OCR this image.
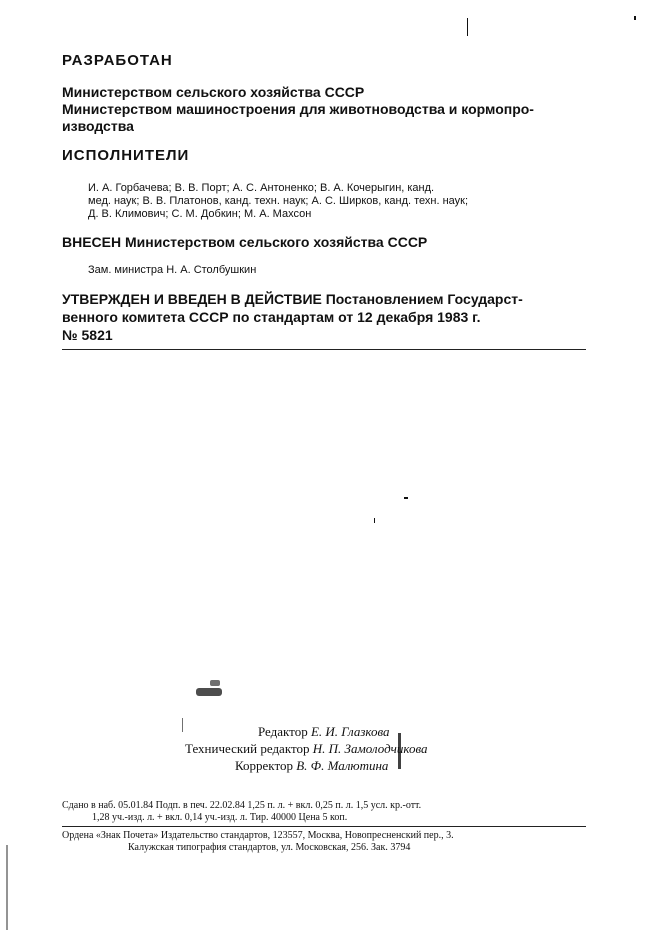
РАЗРАБОТАН
Министерством сельского хозяйства СССР
Министерством машиностроения для животноводства и кормопро-
изводства
ИСПОЛНИТЕЛИ
И. А. Горбачева; В. В. Порт; А. С. Антоненко; В. А. Кочерыгин, канд.
мед. наук; В. В. Платонов, канд. техн. наук; А. С. Ширков, канд. техн. наук;
Д. В. Климович; С. М. Добкин; М. А. Махсон
ВНЕСЕН Министерством сельского хозяйства СССР
Зам. министра Н. А. Столбушкин
УТВЕРЖДЕН И ВВЕДЕН В ДЕЙСТВИЕ Постановлением Государст-
венного комитета СССР по стандартам от 12 декабря 1983 г.
№ 5821
Редактор Е. И. Глазкова
Технический редактор Н. П. Замолодчикова
Корректор В. Ф. Малютина
Сдано в наб. 05.01.84 Подп. в печ. 22.02.84 1,25 п. л. + вкл. 0,25 п. л. 1,5 усл. кр.-отт.
1,28 уч.-изд. л. + вкл. 0,14 уч.-изд. л. Тир. 40000 Цена 5 коп.
Ордена «Знак Почета» Издательство стандартов, 123557, Москва, Новопресненский пер., 3.
Калужская типография стандартов, ул. Московская, 256. Зак. 3794
